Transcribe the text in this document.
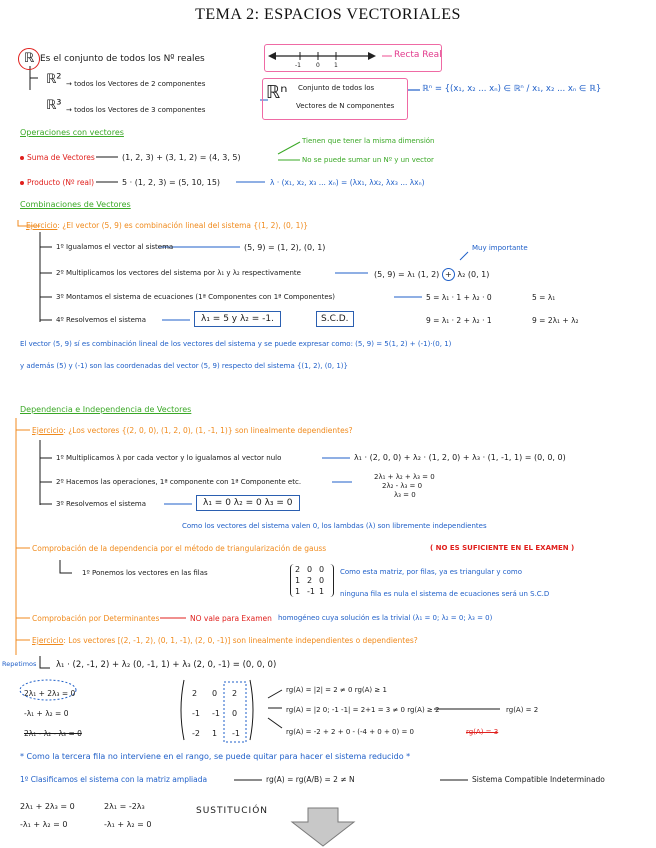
TEMA 2: ESPACIOS VECTORIALES
ℝ Es el conjunto de todos los Nº reales
-1	0 1
Recta Real
ℝ² → todos los Vectores de 2 componentes
ℝ³ → todos los Vectores de 3 componentes
ℝⁿ Conjunto de todos los
Vectores de N componentes
ℝⁿ = {(x₁, x₂ ... xₙ) ∈ ℝⁿ / x₁, x₂ ... xₙ ∈ ℝ}
Operaciones con vectores
Suma de Vectores	(1, 2, 3) + (3, 1, 2) = (4, 3, 5)
Tienen que tener la misma dimensión
No se puede sumar un Nº y un vector
Producto (Nº real)	5 · (1, 2, 3) = (5, 10, 15)	λ · (x₁, x₂, x₃ ... xₙ) = (λx₁, λx₂, λx₃ ... λxₙ)
Combinaciones de Vectores
Ejercicio: ¿El vector (5, 9) es combinación lineal del sistema {(1, 2), (0, 1)}
1º Igualamos el vector al sistema	(5, 9) = (1, 2), (0, 1)	Muy importante
2º Multiplicamos los vectores del sistema por λ₁ y λ₂ respectivamente	(5, 9) = λ₁ (1, 2) + λ₂ (0, 1)
3º Montamos el sistema de ecuaciones (1ª Componentes con 1ª Componentes)	5 = λ₁ · 1 + λ₂ · 0	5 = λ₁
4º Resolvemos el sistema	λ₁ = 5 y λ₂ = -1.	S.C.D.	9 = λ₁ · 2 + λ₂ · 1	9 = 2λ₁ + λ₂
El vector (5, 9) sí es combinación lineal de los vectores del sistema y se puede expresar como: (5, 9) = 5(1, 2) + (-1)·(0, 1)
y además (5) y (-1) son las coordenadas del vector (5, 9) respecto del sistema {(1, 2), (0, 1)}
Dependencia e Independencia de Vectores
Ejercicio: ¿Los vectores {(2, 0, 0), (1, 2, 0), (1, -1, 1)} son linealmente dependientes?
1º Multiplicamos λ por cada vector y lo igualamos al vector nulo	λ₁ · (2, 0, 0) + λ₂ · (1, 2, 0) + λ₃ · (1, -1, 1) = (0, 0, 0)
2º Hacemos las operaciones, 1ª componente con 1ª Componente etc.
2λ₁ + λ₂ + λ₃ = 0
2λ₂ - λ₃ = 0
λ₃ = 0
3º Resolvemos el sistema	λ₁ = 0 λ₂ = 0 λ₃ = 0
Como los vectores del sistema valen 0, los lambdas (λ) son libremente independientes
Comprobación de la dependencia por el método de triangularización de gauss	( NO ES SUFICIENTE EN EL EXAMEN )
1º Ponemos los vectores en las filas	2 0 0
1 2 0
1 -1 1
Como esta matriz, por filas, ya es triangular y como
ninguna fila es nula el sistema de ecuaciones será un S.C.D
Comprobación por Determinantes	NO vale para Examen homogéneo cuya solución es la trivial (λ₁ = 0; λ₂ = 0; λ₃ = 0)
Ejercicio: Los vectores [(2, -1, 2), (0, 1, -1), (2, 0, -1)] son linealmente independientes o dependientes?
Repetimos λ₁ · (2, -1, 2) + λ₂ (0, -1, 1) + λ₃ (2, 0, -1) = (0, 0, 0)
2λ₁ + 2λ₃ = 0
-λ₁ + λ₂ = 0
2λ₁ - λ₂ - λ₃ = 0
2 0 2
-1 -1 0
-2 1 -1
rg(A) = |2| = 2 ≠ 0 rg(A) ≥ 1
rg(A) = |2 0; -1 -1| = 2+1 = 3 ≠ 0 rg(A) ≥ 2	rg(A) = 2
rg(A) = -2 + 2 + 0 - (-4 + 0 + 0) = 0	rg(A) = 3
* Como la tercera fila no interviene en el rango, se puede quitar para hacer el sistema reducido *
1º Clasificamos el sistema con la matriz ampliada	rg(A) = rg(A/B) = 2 ≠ N	Sistema Compatible Indeterminado
2λ₁ + 2λ₃ = 0
-λ₁ + λ₂ = 0
2λ₁ = -2λ₃
-λ₁ + λ₂ = 0
SUSTITUCIÓN
